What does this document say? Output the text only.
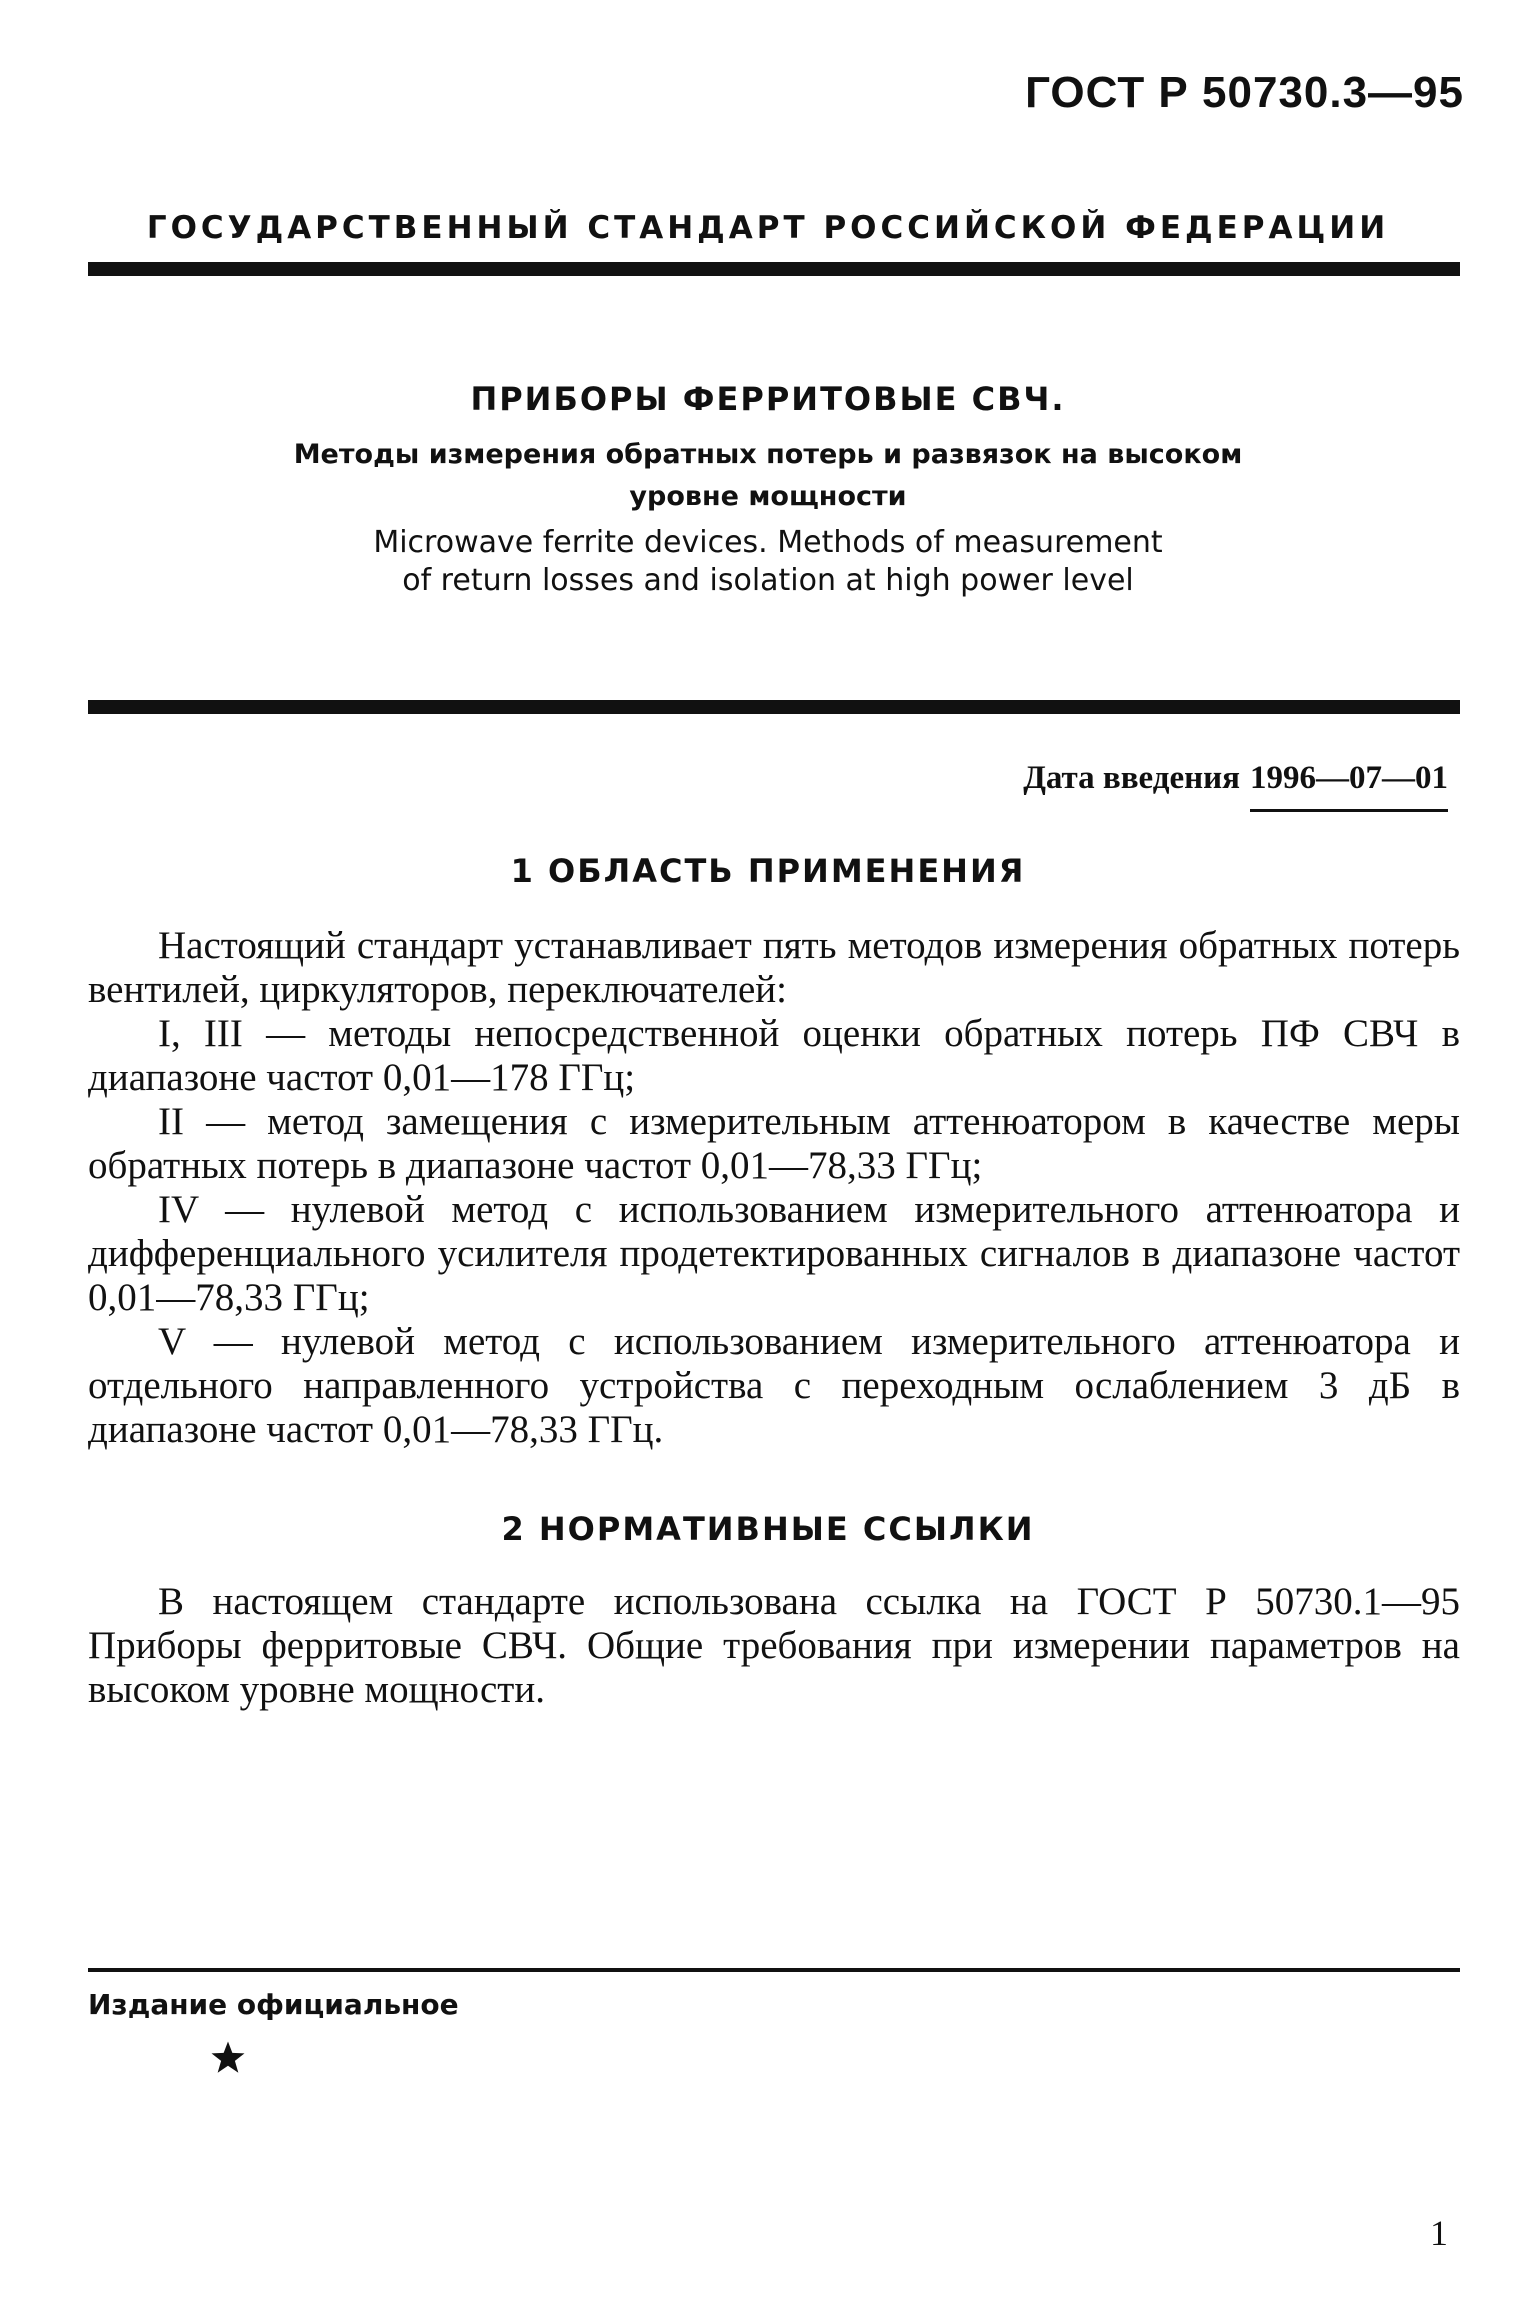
ГОСТ Р 50730.3—95
ГОСУДАРСТВЕННЫЙ СТАНДАРТ РОССИЙСКОЙ ФЕДЕРАЦИИ
ПРИБОРЫ ФЕРРИТОВЫЕ СВЧ.
Методы измерения обратных потерь и развязок на высоком
уровне мощности
Microwave ferrite devices. Methods of measurement
of return losses and isolation at high power level
Дата введения 1996—07—01
1 ОБЛАСТЬ ПРИМЕНЕНИЯ

Настоящий стандарт устанавливает пять методов измерения обратных потерь вентилей, циркуляторов, переключателей:

I, III — методы непосредственной оценки обратных потерь ПФ СВЧ в диапазоне частот 0,01—178 ГГц;

II — метод замещения с измерительным аттенюатором в качестве меры обратных потерь в диапазоне частот 0,01—78,33 ГГц;

IV — нулевой метод с использованием измерительного аттенюатора и дифференциального усилителя продетектированных сигналов в диапазоне частот 0,01—78,33 ГГц;

V — нулевой метод с использованием измерительного аттенюатора и отдельного направленного устройства с переходным ослаблением 3 дБ в диапазоне частот 0,01—78,33 ГГц.

2 НОРМАТИВНЫЕ ССЫЛКИ

В настоящем стандарте использована ссылка на ГОСТ Р 50730.1—95 Приборы ферритовые СВЧ. Общие требования при измерении параметров на высоком уровне мощности.

Издание официальное
1
